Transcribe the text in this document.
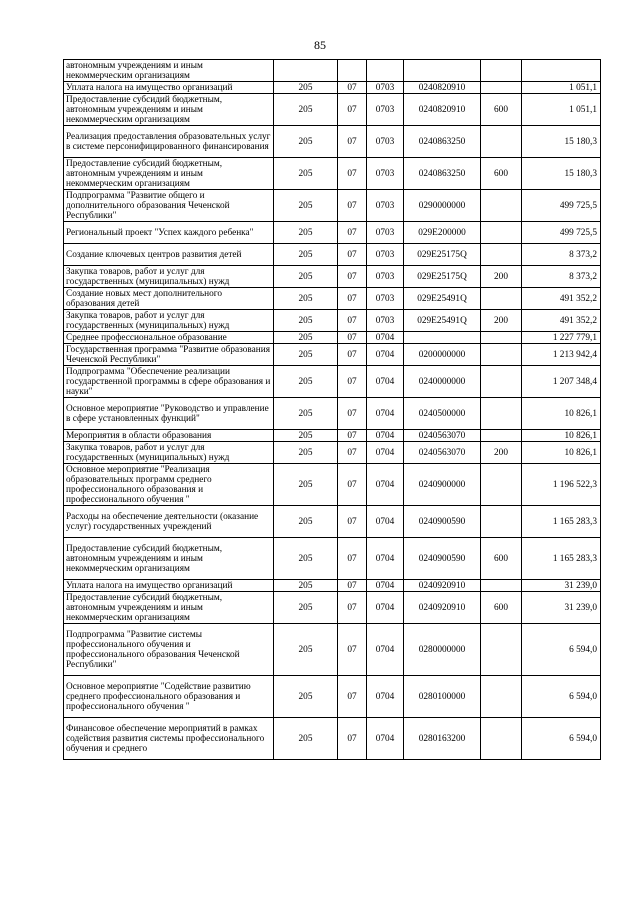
85
автономным учреждениям и иным некоммерческим организациям						
Уплата налога на имущество организаций	205	07	0703	0240820910		1 051,1
Предоставление субсидий бюджетным, автономным учреждениям и иным некоммерческим организациям	205	07	0703	0240820910	600	1 051,1
Реализация предоставления образовательных услуг в системе персонифицированного финансирования	205	07	0703	0240863250		15 180,3
Предоставление субсидий бюджетным, автономным учреждениям и иным некоммерческим организациям	205	07	0703	0240863250	600	15 180,3
Подпрограмма "Развитие общего и дополнительного образования Чеченской Республики"	205	07	0703	0290000000		499 725,5
Региональный проект "Успех каждого ребенка"	205	07	0703	029E200000		499 725,5
Создание ключевых центров развития детей	205	07	0703	029E25175Q		8 373,2
Закупка товаров, работ и услуг для государственных (муниципальных) нужд	205	07	0703	029E25175Q	200	8 373,2
Создание новых мест дополнительного образования детей	205	07	0703	029E25491Q		491 352,2
Закупка товаров, работ и услуг для государственных (муниципальных) нужд	205	07	0703	029E25491Q	200	491 352,2
Среднее профессиональное образование	205	07	0704			1 227 779,1
Государственная программа "Развитие образования Чеченской Республики"	205	07	0704	0200000000		1 213 942,4
Подпрограмма "Обеспечение реализации государственной программы в сфере образования и науки"	205	07	0704	0240000000		1 207 348,4
Основное мероприятие "Руководство и управление в сфере установленных функций"	205	07	0704	0240500000		10 826,1
Мероприятия в области образования	205	07	0704	0240563070		10 826,1
Закупка товаров, работ и услуг для государственных (муниципальных) нужд	205	07	0704	0240563070	200	10 826,1
Основное мероприятие "Реализация образовательных программ среднего профессионального образования и профессионального обучения "	205	07	0704	0240900000		1 196 522,3
Расходы на обеспечение деятельности (оказание услуг) государственных учреждений	205	07	0704	0240900590		1 165 283,3
Предоставление субсидий бюджетным, автономным учреждениям и иным некоммерческим организациям	205	07	0704	0240900590	600	1 165 283,3
Уплата налога на имущество организаций	205	07	0704	0240920910		31 239,0
Предоставление субсидий бюджетным, автономным учреждениям и иным некоммерческим организациям	205	07	0704	0240920910	600	31 239,0
Подпрограмма "Развитие системы профессионального обучения и профессионального образования Чеченской Республики"	205	07	0704	0280000000		6 594,0
Основное мероприятие "Содействие развитию среднего профессионального образования и профессионального обучения "	205	07	0704	0280100000		6 594,0
Финансовое обеспечение мероприятий в рамках содействия развития системы профессионального обучения и среднего	205	07	0704	0280163200		6 594,0
